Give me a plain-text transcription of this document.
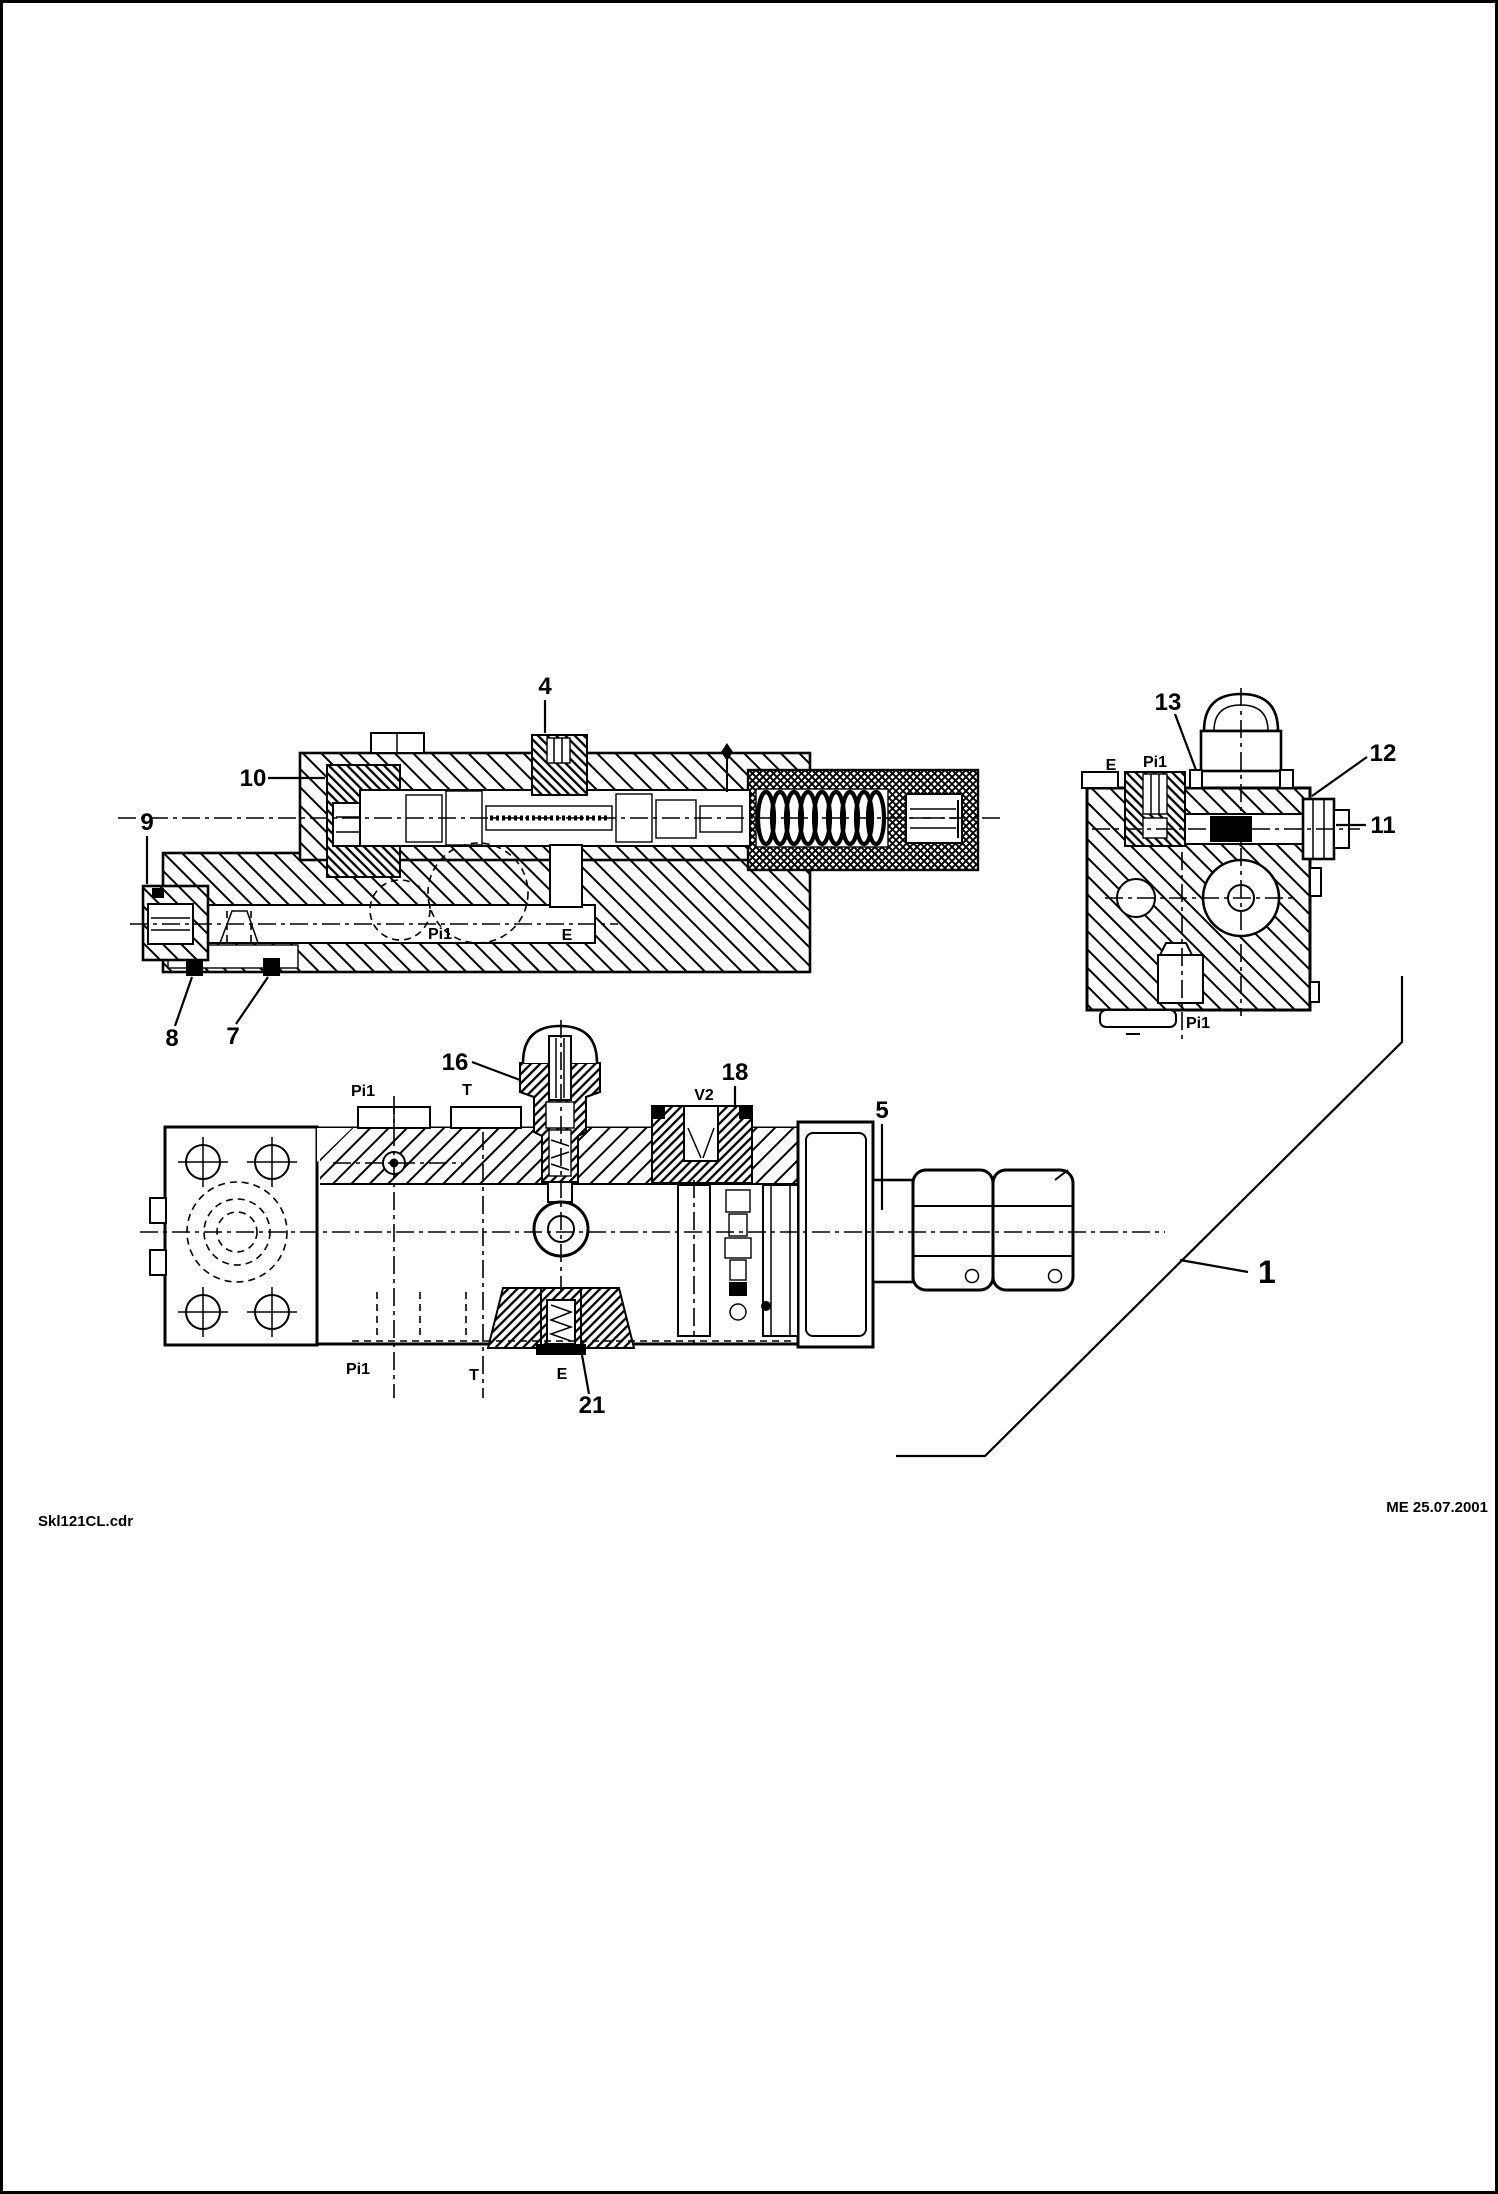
4
10
9
8 7
Pi1	E
13
12
11
E Pi1
Pi1
16	18
5
21
Pi1	T	V2
Pi1	T	E
1
Skl121CL.cdr
ME 25.07.2001
